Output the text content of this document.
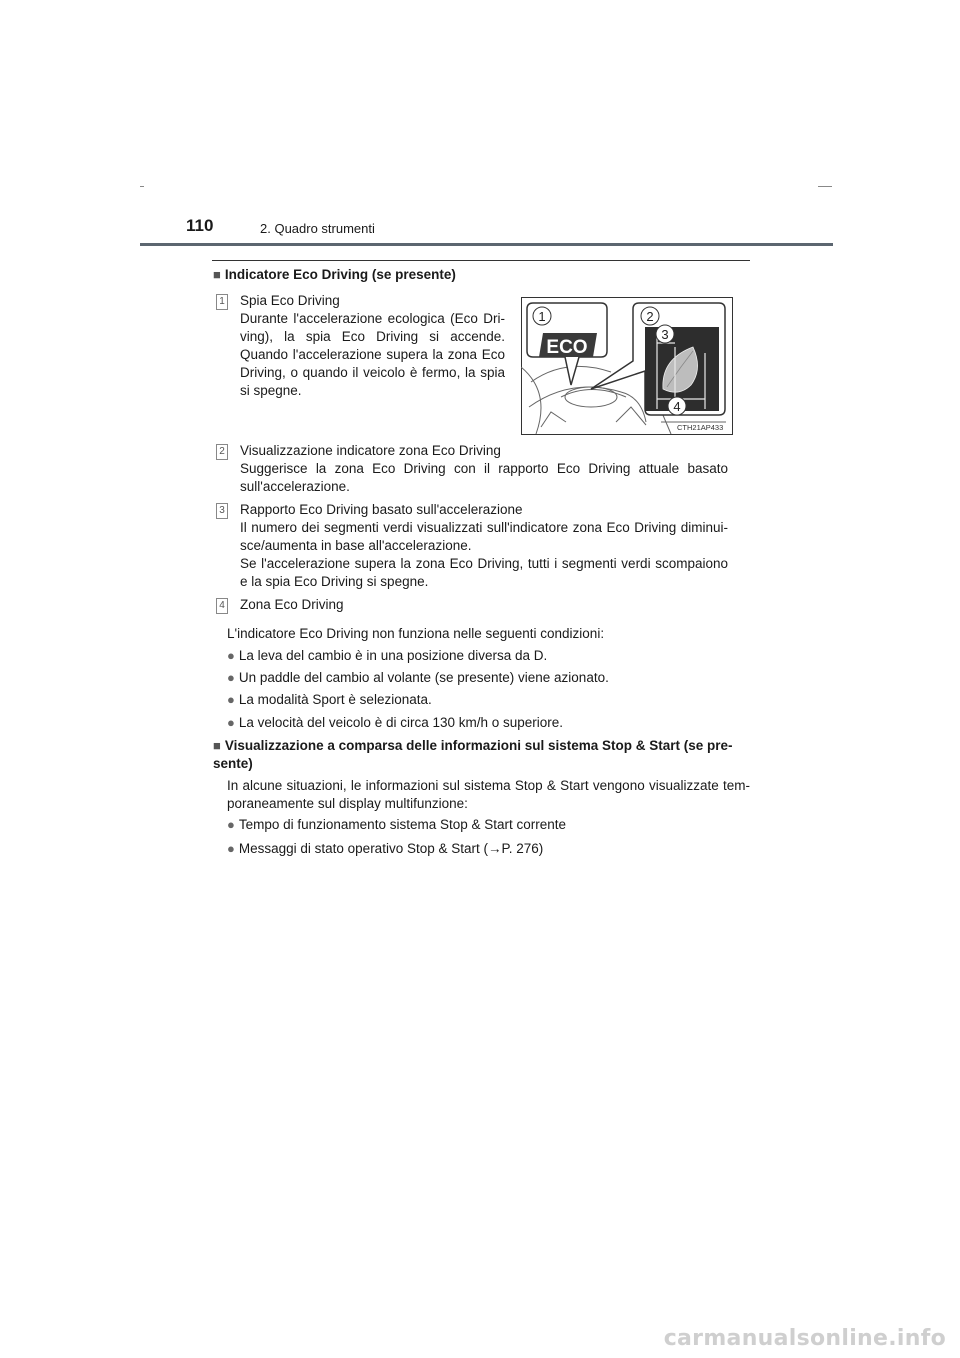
110	2. Quadro strumenti
■ Indicatore Eco Driving (se presente)
1 Spia Eco Driving
Durante l'accelerazione ecologica (Eco Dri-ving), la spia Eco Driving si accende. Quando l'accelerazione supera la zona Eco Driving, o quando il veicolo è fermo, la spia si spegne.
ECO
1	2
3
4
CTH21AP433
2 Visualizzazione indicatore zona Eco Driving
Suggerisce la zona Eco Driving con il rapporto Eco Driving attuale basato sull'accelerazione.
3 Rapporto Eco Driving basato sull'accelerazione
Il numero dei segmenti verdi visualizzati sull'indicatore zona Eco Driving diminui-sce/aumenta in base all'accelerazione.
Se l'accelerazione supera la zona Eco Driving, tutti i segmenti verdi scompaiono e la spia Eco Driving si spegne.
4 Zona Eco Driving
L'indicatore Eco Driving non funziona nelle seguenti condizioni:
● La leva del cambio è in una posizione diversa da D.
● Un paddle del cambio al volante (se presente) viene azionato.
● La modalità Sport è selezionata.
● La velocità del veicolo è di circa 130 km/h o superiore.
■ Visualizzazione a comparsa delle informazioni sul sistema Stop & Start (se pre-sente)
In alcune situazioni, le informazioni sul sistema Stop & Start vengono visualizzate tem-poraneamente sul display multifunzione:
● Tempo di funzionamento sistema Stop & Start corrente
● Messaggi di stato operativo Stop & Start (→P. 276)
carmanualsonline.info
